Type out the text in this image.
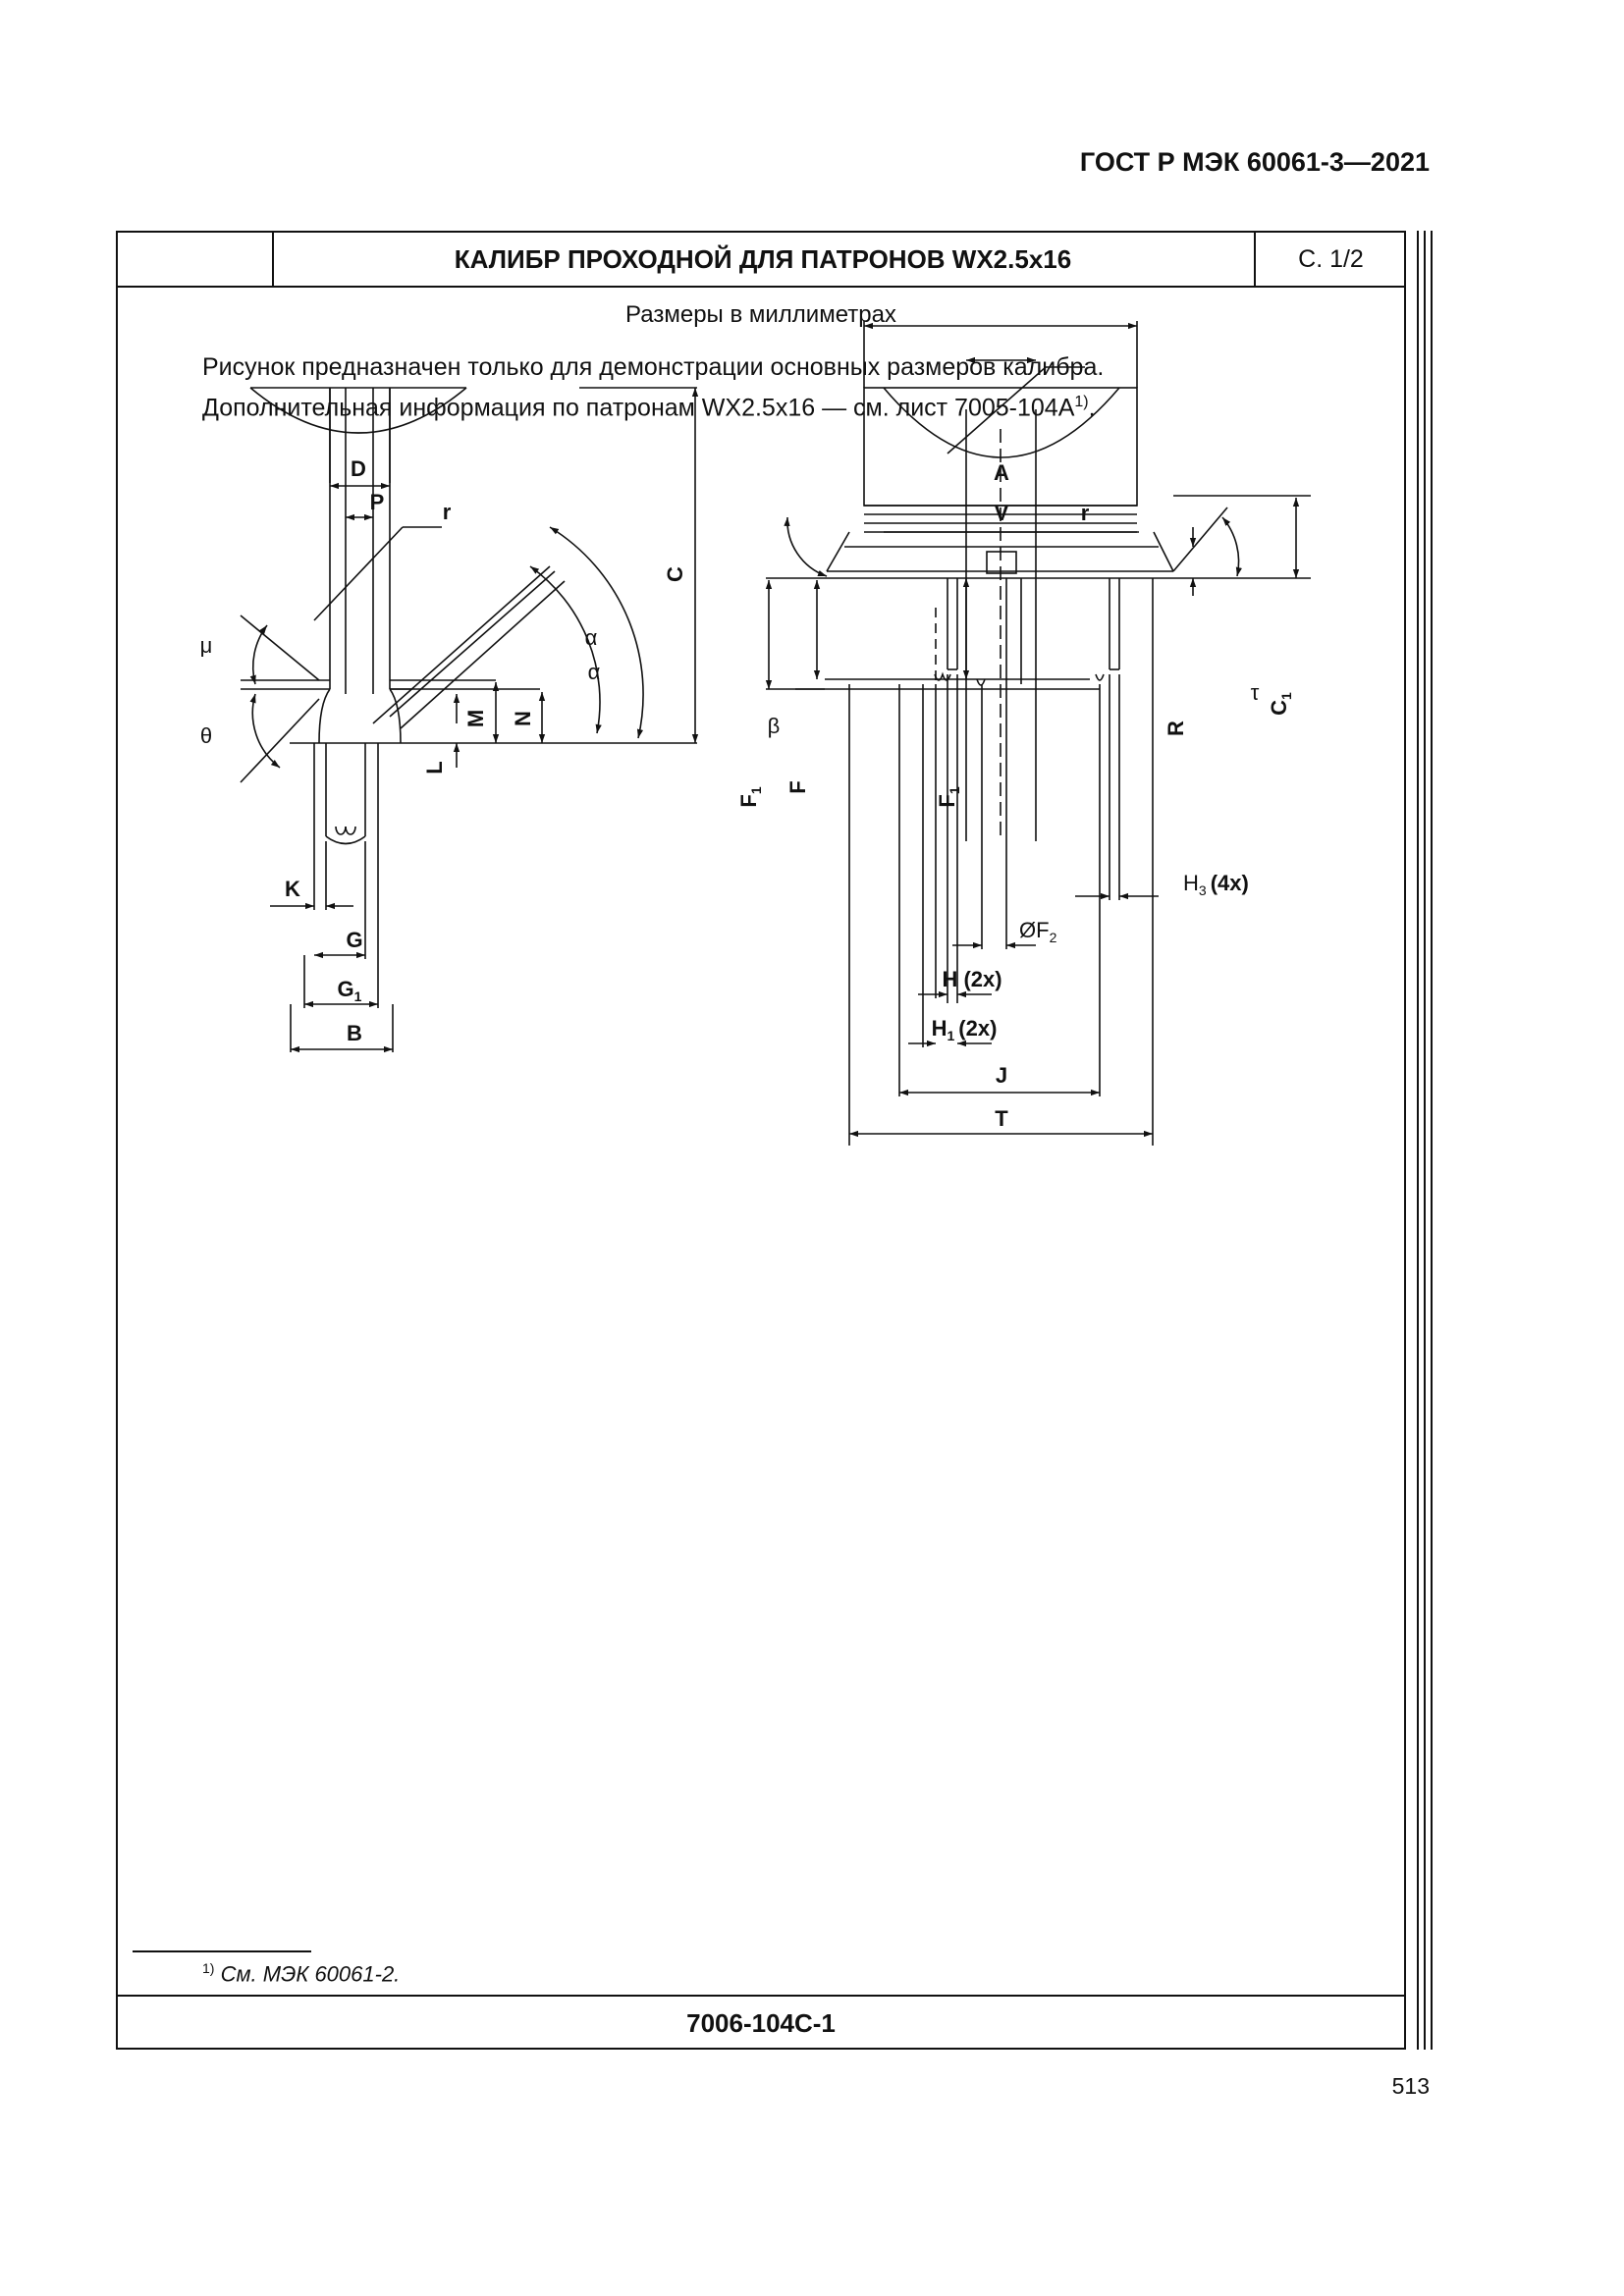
ГОСТ Р МЭК 60061-3—2021
КАЛИБР ПРОХОДНОЙ ДЛЯ ПАТРОНОВ WX2.5x16	С. 1/2
Размеры в миллиметрах
Рисунок предназначен только для демонстрации основных размеров калибра.
Дополнительная информация по патронам WX2.5x16 — см. лист $7005-104A^{1)}$.
D
P	r
μ
θ
α
α
C
N
M
L
K
G
$G_1$
B
A
V	r
β
$F_1$ F
$F_1$
R
τ
$C_1$
$H_3$ (4x)
$ØF_2$
H (2x)
$H_1$ (2x)
J
T
$^{1)}$ См. МЭК 60061-2.
7006-104C-1
513
